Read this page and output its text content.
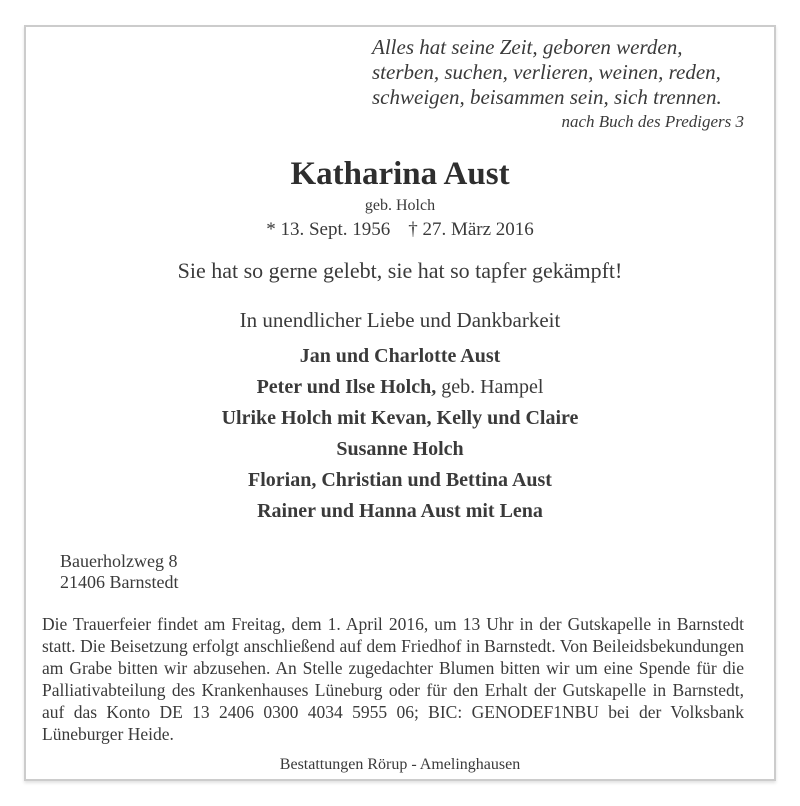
Alles hat seine Zeit, geboren werden,
sterben, suchen, verlieren, weinen, reden,
schweigen, beisammen sein, sich trennen.
nach Buch des Predigers 3
Katharina Aust
geb. Holch
* 13. Sept. 1956 † 27. März 2016
Sie hat so gerne gelebt, sie hat so tapfer gekämpft!
In unendlicher Liebe und Dankbarkeit
Jan und Charlotte Aust
Peter und Ilse Holch, geb. Hampel
Ulrike Holch mit Kevan, Kelly und Claire
Susanne Holch
Florian, Christian und Bettina Aust
Rainer und Hanna Aust mit Lena
Bauerholzweg 8
21406 Barnstedt
Die Trauerfeier findet am Freitag, dem 1. April 2016, um 13 Uhr in der Gutskapelle in Barnstedt statt. Die Beisetzung erfolgt anschließend auf dem Friedhof in Barnstedt. Von Beileidsbekundungen am Grabe bitten wir abzusehen. An Stelle zugedachter Blumen bitten wir um eine Spende für die Palliativabteilung des Krankenhauses Lüneburg oder für den Erhalt der Gutskapelle in Barnstedt, auf das Konto DE 13 2406 0300 4034 5955 06; BIC: GENODEF1NBU bei der Volksbank Lüneburger Heide.
Bestattungen Rörup - Amelinghausen
